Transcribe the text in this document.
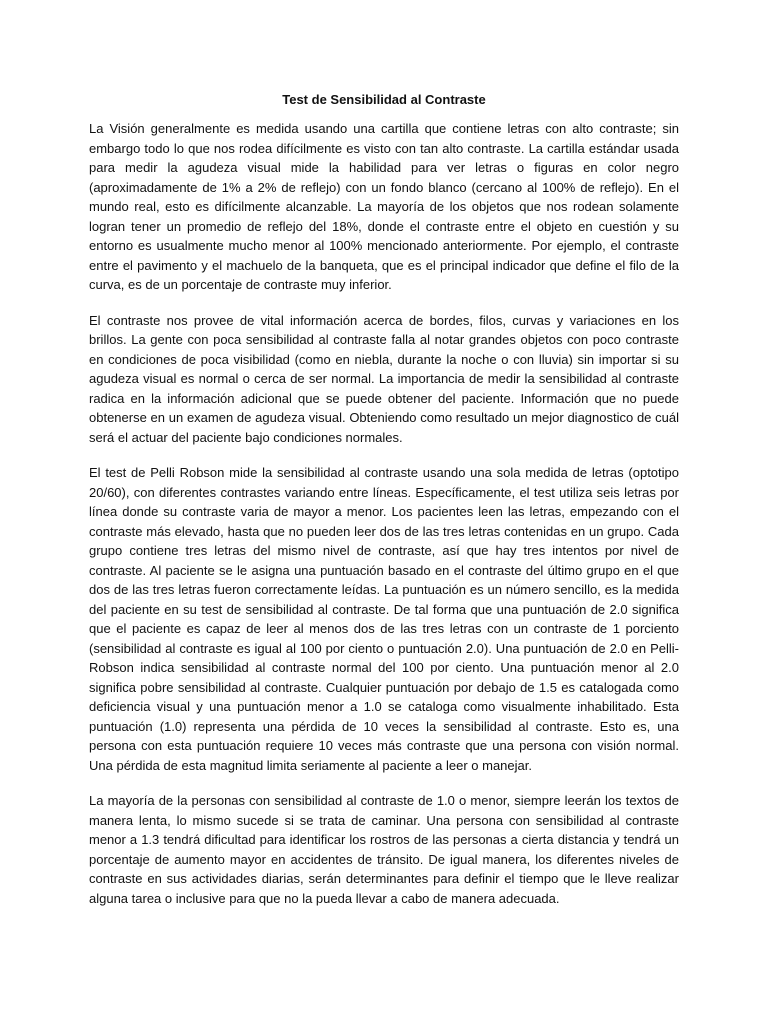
Test de Sensibilidad al Contraste

La Visión generalmente es medida usando una cartilla que contiene letras con alto contraste; sin embargo todo lo que nos rodea difícilmente es visto con tan alto contraste. La cartilla estándar usada para medir la agudeza visual mide la habilidad para ver letras o figuras en color negro (aproximadamente de 1% a 2% de reflejo) con un fondo blanco (cercano al 100% de reflejo). En el mundo real, esto es difícilmente alcanzable. La mayoría de los objetos que nos rodean solamente logran tener un promedio de reflejo del 18%, donde el contraste entre el objeto en cuestión y su entorno es usualmente mucho menor al 100% mencionado anteriormente. Por ejemplo, el contraste entre el pavimento y el machuelo de la banqueta, que es el principal indicador que define el filo de la curva, es de un porcentaje de contraste muy inferior.

El contraste nos provee de vital información acerca de bordes, filos, curvas y variaciones en los brillos. La gente con poca sensibilidad al contraste falla al notar grandes objetos con poco contraste en condiciones de poca visibilidad (como en niebla, durante la noche o con lluvia) sin importar si su agudeza visual es normal o cerca de ser normal. La importancia de medir la sensibilidad al contraste radica en la información adicional que se puede obtener del paciente. Información que no puede obtenerse en un examen de agudeza visual. Obteniendo como resultado un mejor diagnostico de cuál será el actuar del paciente bajo condiciones normales.

El test de Pelli Robson mide la sensibilidad al contraste usando una sola medida de letras (optotipo 20/60), con diferentes contrastes variando entre líneas. Específicamente, el test utiliza seis letras por línea donde su contraste varia de mayor a menor. Los pacientes leen las letras, empezando con el contraste más elevado, hasta que no pueden leer dos de las tres letras contenidas en un grupo. Cada grupo contiene tres letras del mismo nivel de contraste, así que hay tres intentos por nivel de contraste. Al paciente se le asigna una puntuación basado en el contraste del último grupo en el que dos de las tres letras fueron correctamente leídas. La puntuación es un número sencillo, es la medida del paciente en su test de sensibilidad al contraste. De tal forma que una puntuación de 2.0 significa que el paciente es capaz de leer al menos dos de las tres letras con un contraste de 1 porciento (sensibilidad al contraste es igual al 100 por ciento o puntuación 2.0). Una puntuación de 2.0 en Pelli-Robson indica sensibilidad al contraste normal del 100 por ciento. Una puntuación menor al 2.0 significa pobre sensibilidad al contraste. Cualquier puntuación por debajo de 1.5 es catalogada como deficiencia visual y una puntuación menor a 1.0 se cataloga como visualmente inhabilitado. Esta puntuación (1.0) representa una pérdida de 10 veces la sensibilidad al contraste. Esto es, una persona con esta puntuación requiere 10 veces más contraste que una persona con visión normal. Una pérdida de esta magnitud limita seriamente al paciente a leer o manejar.

La mayoría de la personas con sensibilidad al contraste de 1.0 o menor, siempre leerán los textos de manera lenta, lo mismo sucede si se trata de caminar. Una persona con sensibilidad al contraste menor a 1.3 tendrá dificultad para identificar los rostros de las personas a cierta distancia y tendrá un porcentaje de aumento mayor en accidentes de tránsito. De igual manera, los diferentes niveles de contraste en sus actividades diarias, serán determinantes para definir el tiempo que le lleve realizar alguna tarea o inclusive para que no la pueda llevar a cabo de manera adecuada.
